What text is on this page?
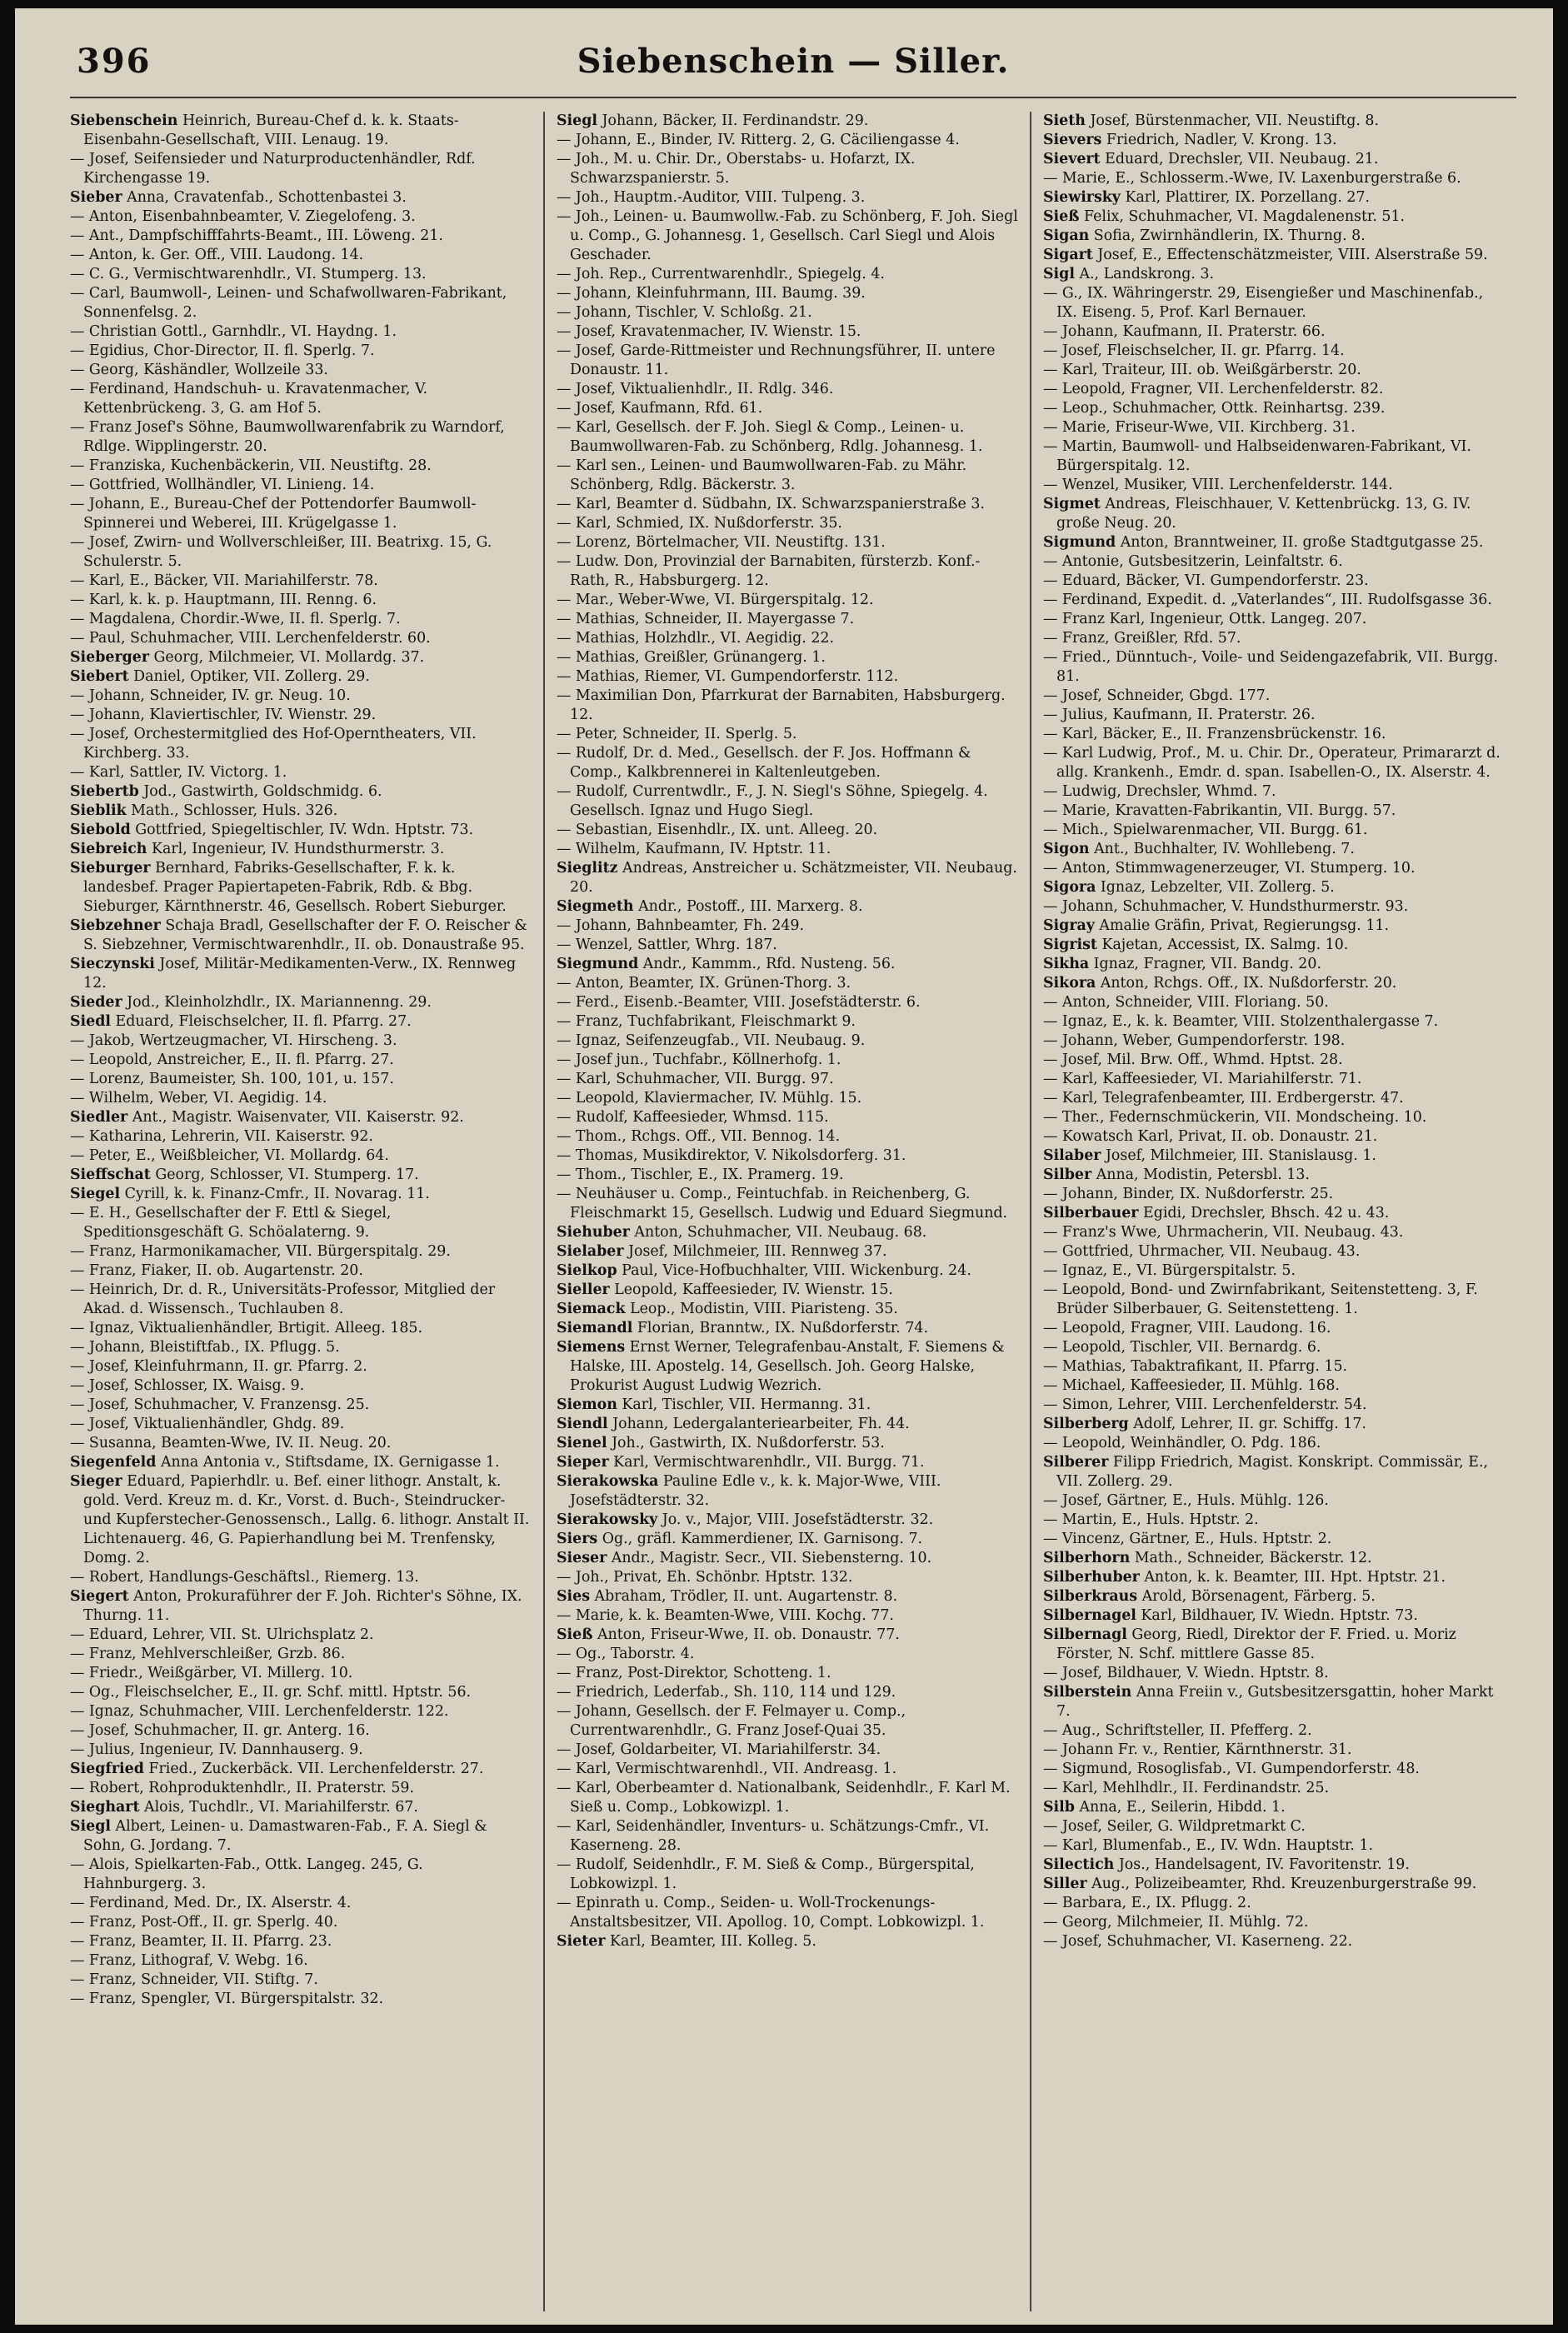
396	Siebenschein — Siller.

Siebenschein Heinrich, Bureau-Chef d. k. k. Staats-Eisenbahn-Gesellschaft, VIII. Lenaug. 19.

— Josef, Seifensieder und Naturproductenhändler, Rdf. Kirchengasse 19.

Sieber Anna, Cravatenfab., Schottenbastei 3.

— Anton, Eisenbahnbeamter, V. Ziegelofeng. 3.

— Ant., Dampfschifffahrts-Beamt., III. Löweng. 21.

— Anton, k. Ger. Off., VIII. Laudong. 14.

— C. G., Vermischtwarenhdlr., VI. Stumperg. 13.

— Carl, Baumwoll-, Leinen- und Schafwollwaren-Fabrikant, Sonnenfelsg. 2.

— Christian Gottl., Garnhdlr., VI. Haydng. 1.

— Egidius, Chor-Director, II. fl. Sperlg. 7.

— Georg, Käshändler, Wollzeile 33.

— Ferdinand, Handschuh- u. Kravatenmacher, V. Kettenbrückeng. 3, G. am Hof 5.

— Franz Josef's Söhne, Baumwollwarenfabrik zu Warndorf, Rdlge. Wipplingerstr. 20.

— Franziska, Kuchenbäckerin, VII. Neustiftg. 28.

— Gottfried, Wollhändler, VI. Linieng. 14.

— Johann, E., Bureau-Chef der Pottendorfer Baumwoll-Spinnerei und Weberei, III. Krügelgasse 1.

— Josef, Zwirn- und Wollverschleißer, III. Beatrixg. 15, G. Schulerstr. 5.

— Karl, E., Bäcker, VII. Mariahilferstr. 78.

— Karl, k. k. p. Hauptmann, III. Renng. 6.

— Magdalena, Chordir.-Wwe, II. fl. Sperlg. 7.

— Paul, Schuhmacher, VIII. Lerchenfelderstr. 60.

Sieberger Georg, Milchmeier, VI. Mollardg. 37.

Siebert Daniel, Optiker, VII. Zollerg. 29.

— Johann, Schneider, IV. gr. Neug. 10.

— Johann, Klaviertischler, IV. Wienstr. 29.

— Josef, Orchestermitglied des Hof-Operntheaters, VII. Kirchberg. 33.

— Karl, Sattler, IV. Victorg. 1.

Siebertb Jod., Gastwirth, Goldschmidg. 6.

Sieblik Math., Schlosser, Huls. 326.

Siebold Gottfried, Spiegeltischler, IV. Wdn. Hptstr. 73.

Siebreich Karl, Ingenieur, IV. Hundsthurmerstr. 3.

Sieburger Bernhard, Fabriks-Gesellschafter, F. k. k. landesbef. Prager Papiertapeten-Fabrik, Rdb. & Bbg. Sieburger, Kärnthnerstr. 46, Gesellsch. Robert Sieburger.

Siebzehner Schaja Bradl, Gesellschafter der F. O. Reischer & S. Siebzehner, Vermischtwarenhdlr., II. ob. Donaustraße 95.

Sieczynski Josef, Militär-Medikamenten-Verw., IX. Rennweg 12.

Sieder Jod., Kleinholzhdlr., IX. Mariannenng. 29.

Siedl Eduard, Fleischselcher, II. fl. Pfarrg. 27.

— Jakob, Wertzeugmacher, VI. Hirscheng. 3.

— Leopold, Anstreicher, E., II. fl. Pfarrg. 27.

— Lorenz, Baumeister, Sh. 100, 101, u. 157.

— Wilhelm, Weber, VI. Aegidig. 14.

Siedler Ant., Magistr. Waisenvater, VII. Kaiserstr. 92.

— Katharina, Lehrerin, VII. Kaiserstr. 92.

— Peter, E., Weißbleicher, VI. Mollardg. 64.

Sieffschat Georg, Schlosser, VI. Stumperg. 17.

Siegel Cyrill, k. k. Finanz-Cmfr., II. Novarag. 11.

— E. H., Gesellschafter der F. Ettl & Siegel, Speditionsgeschäft G. Schöalaterng. 9.

— Franz, Harmonikamacher, VII. Bürgerspitalg. 29.

— Franz, Fiaker, II. ob. Augartenstr. 20.

— Heinrich, Dr. d. R., Universitäts-Professor, Mitglied der Akad. d. Wissensch., Tuchlauben 8.

— Ignaz, Viktualienhändler, Brtigit. Alleeg. 185.

— Johann, Bleistiftfab., IX. Pflugg. 5.

— Josef, Kleinfuhrmann, II. gr. Pfarrg. 2.

— Josef, Schlosser, IX. Waisg. 9.

— Josef, Schuhmacher, V. Franzensg. 25.

— Josef, Viktualienhändler, Ghdg. 89.

— Susanna, Beamten-Wwe, IV. II. Neug. 20.

Siegenfeld Anna Antonia v., Stiftsdame, IX. Gernigasse 1.

Sieger Eduard, Papierhdlr. u. Bef. einer lithogr. Anstalt, k. gold. Verd. Kreuz m. d. Kr., Vorst. d. Buch-, Steindrucker- und Kupferstecher-Genossensch., Lallg. 6. lithogr. Anstalt II. Lichtenauerg. 46, G. Papierhandlung bei M. Trenfensky, Domg. 2.

— Robert, Handlungs-Geschäftsl., Riemerg. 13.

Siegert Anton, Prokuraführer der F. Joh. Richter's Söhne, IX. Thurng. 11.

— Eduard, Lehrer, VII. St. Ulrichsplatz 2.

— Franz, Mehlverschleißer, Grzb. 86.

— Friedr., Weißgärber, VI. Millerg. 10.

— Og., Fleischselcher, E., II. gr. Schf. mittl. Hptstr. 56.

— Ignaz, Schuhmacher, VIII. Lerchenfelderstr. 122.

— Josef, Schuhmacher, II. gr. Anterg. 16.

— Julius, Ingenieur, IV. Dannhauserg. 9.

Siegfried Fried., Zuckerbäck. VII. Lerchenfelderstr. 27.

— Robert, Rohproduktenhdlr., II. Praterstr. 59.

Sieghart Alois, Tuchdlr., VI. Mariahilferstr. 67.

Siegl Albert, Leinen- u. Damastwaren-Fab., F. A. Siegl & Sohn, G. Jordang. 7.

— Alois, Spielkarten-Fab., Ottk. Langeg. 245, G. Hahnburgerg. 3.

— Ferdinand, Med. Dr., IX. Alserstr. 4.

— Franz, Post-Off., II. gr. Sperlg. 40.

— Franz, Beamter, II. II. Pfarrg. 23.

— Franz, Lithograf, V. Webg. 16.

— Franz, Schneider, VII. Stiftg. 7.

— Franz, Spengler, VI. Bürgerspitalstr. 32.

Siegl Johann, Bäcker, II. Ferdinandstr. 29.

— Johann, E., Binder, IV. Ritterg. 2, G. Cäciliengasse 4.

— Joh., M. u. Chir. Dr., Oberstabs- u. Hofarzt, IX. Schwarzspanierstr. 5.

— Joh., Hauptm.-Auditor, VIII. Tulpeng. 3.

— Joh., Leinen- u. Baumwollw.-Fab. zu Schönberg, F. Joh. Siegl u. Comp., G. Johannesg. 1, Gesellsch. Carl Siegl und Alois Geschader.

— Joh. Rep., Currentwarenhdlr., Spiegelg. 4.

— Johann, Kleinfuhrmann, III. Baumg. 39.

— Johann, Tischler, V. Schloßg. 21.

— Josef, Kravatenmacher, IV. Wienstr. 15.

— Josef, Garde-Rittmeister und Rechnungsführer, II. untere Donaustr. 11.

— Josef, Viktualienhdlr., II. Rdlg. 346.

— Josef, Kaufmann, Rfd. 61.

— Karl, Gesellsch. der F. Joh. Siegl & Comp., Leinen- u. Baumwollwaren-Fab. zu Schönberg, Rdlg. Johannesg. 1.

— Karl sen., Leinen- und Baumwollwaren-Fab. zu Mähr. Schönberg, Rdlg. Bäckerstr. 3.

— Karl, Beamter d. Südbahn, IX. Schwarzspanierstraße 3.

— Karl, Schmied, IX. Nußdorferstr. 35.

— Lorenz, Börtelmacher, VII. Neustiftg. 131.

— Ludw. Don, Provinzial der Barnabiten, fürsterzb. Konf.-Rath, R., Habsburgerg. 12.

— Mar., Weber-Wwe, VI. Bürgerspitalg. 12.

— Mathias, Schneider, II. Mayergasse 7.

— Mathias, Holzhdlr., VI. Aegidig. 22.

— Mathias, Greißler, Grünangerg. 1.

— Mathias, Riemer, VI. Gumpendorferstr. 112.

— Maximilian Don, Pfarrkurat der Barnabiten, Habsburgerg. 12.

— Peter, Schneider, II. Sperlg. 5.

— Rudolf, Dr. d. Med., Gesellsch. der F. Jos. Hoffmann & Comp., Kalkbrennerei in Kaltenleutgeben.

— Rudolf, Currentwdlr., F., J. N. Siegl's Söhne, Spiegelg. 4. Gesellsch. Ignaz und Hugo Siegl.

— Sebastian, Eisenhdlr., IX. unt. Alleeg. 20.

— Wilhelm, Kaufmann, IV. Hptstr. 11.

Sieglitz Andreas, Anstreicher u. Schätzmeister, VII. Neubaug. 20.

Siegmeth Andr., Postoff., III. Marxerg. 8.

— Johann, Bahnbeamter, Fh. 249.

— Wenzel, Sattler, Whrg. 187.

Siegmund Andr., Kammm., Rfd. Nusteng. 56.

— Anton, Beamter, IX. Grünen-Thorg. 3.

— Ferd., Eisenb.-Beamter, VIII. Josefstädterstr. 6.

— Franz, Tuchfabrikant, Fleischmarkt 9.

— Ignaz, Seifenzeugfab., VII. Neubaug. 9.

— Josef jun., Tuchfabr., Köllnerhofg. 1.

— Karl, Schuhmacher, VII. Burgg. 97.

— Leopold, Klaviermacher, IV. Mühlg. 15.

— Rudolf, Kaffeesieder, Whmsd. 115.

— Thom., Rchgs. Off., VII. Bennog. 14.

— Thomas, Musikdirektor, V. Nikolsdorferg. 31.

— Thom., Tischler, E., IX. Pramerg. 19.

— Neuhäuser u. Comp., Feintuchfab. in Reichenberg, G. Fleischmarkt 15, Gesellsch. Ludwig und Eduard Siegmund.

Siehuber Anton, Schuhmacher, VII. Neubaug. 68.

Sielaber Josef, Milchmeier, III. Rennweg 37.

Sielkop Paul, Vice-Hofbuchhalter, VIII. Wickenburg. 24.

Sieller Leopold, Kaffeesieder, IV. Wienstr. 15.

Siemack Leop., Modistin, VIII. Piaristeng. 35.

Siemandl Florian, Branntw., IX. Nußdorferstr. 74.

Siemens Ernst Werner, Telegrafenbau-Anstalt, F. Siemens & Halske, III. Apostelg. 14, Gesellsch. Joh. Georg Halske, Prokurist August Ludwig Wezrich.

Siemon Karl, Tischler, VII. Hermanng. 31.

Siendl Johann, Ledergalanteriearbeiter, Fh. 44.

Sienel Joh., Gastwirth, IX. Nußdorferstr. 53.

Sieper Karl, Vermischtwarenhdlr., VII. Burgg. 71.

Sierakowska Pauline Edle v., k. k. Major-Wwe, VIII. Josefstädterstr. 32.

Sierakowsky Jo. v., Major, VIII. Josefstädterstr. 32.

Siers Og., gräfl. Kammerdiener, IX. Garnisong. 7.

Sieser Andr., Magistr. Secr., VII. Siebensterng. 10.

— Joh., Privat, Eh. Schönbr. Hptstr. 132.

Sies Abraham, Trödler, II. unt. Augartenstr. 8.

— Marie, k. k. Beamten-Wwe, VIII. Kochg. 77.

Sieß Anton, Friseur-Wwe, II. ob. Donaustr. 77.

— Og., Taborstr. 4.

— Franz, Post-Direktor, Schotteng. 1.

— Friedrich, Lederfab., Sh. 110, 114 und 129.

— Johann, Gesellsch. der F. Felmayer u. Comp., Currentwarenhdlr., G. Franz Josef-Quai 35.

— Josef, Goldarbeiter, VI. Mariahilferstr. 34.

— Karl, Vermischtwarenhdl., VII. Andreasg. 1.

— Karl, Oberbeamter d. Nationalbank, Seidenhdlr., F. Karl M. Sieß u. Comp., Lobkowizpl. 1.

— Karl, Seidenhändler, Inventurs- u. Schätzungs-Cmfr., VI. Kaserneng. 28.

— Rudolf, Seidenhdlr., F. M. Sieß & Comp., Bürgerspital, Lobkowizpl. 1.

— Epinrath u. Comp., Seiden- u. Woll-Trockenungs-Anstaltsbesitzer, VII. Apollog. 10, Compt. Lobkowizpl. 1.

Sieter Karl, Beamter, III. Kolleg. 5.

Sieth Josef, Bürstenmacher, VII. Neustiftg. 8.

Sievers Friedrich, Nadler, V. Krong. 13.

Sievert Eduard, Drechsler, VII. Neubaug. 21.

— Marie, E., Schlosserm.-Wwe, IV. Laxenburgerstraße 6.

Siewirsky Karl, Plattirer, IX. Porzellang. 27.

Sieß Felix, Schuhmacher, VI. Magdalenenstr. 51.

Sigan Sofia, Zwirnhändlerin, IX. Thurng. 8.

Sigart Josef, E., Effectenschätzmeister, VIII. Alserstraße 59.

Sigl A., Landskrong. 3.

— G., IX. Währingerstr. 29, Eisengießer und Maschinenfab., IX. Eiseng. 5, Prof. Karl Bernauer.

— Johann, Kaufmann, II. Praterstr. 66.

— Josef, Fleischselcher, II. gr. Pfarrg. 14.

— Karl, Traiteur, III. ob. Weißgärberstr. 20.

— Leopold, Fragner, VII. Lerchenfelderstr. 82.

— Leop., Schuhmacher, Ottk. Reinhartsg. 239.

— Marie, Friseur-Wwe, VII. Kirchberg. 31.

— Martin, Baumwoll- und Halbseidenwaren-Fabrikant, VI. Bürgerspitalg. 12.

— Wenzel, Musiker, VIII. Lerchenfelderstr. 144.

Sigmet Andreas, Fleischhauer, V. Kettenbrückg. 13, G. IV. große Neug. 20.

Sigmund Anton, Branntweiner, II. große Stadtgutgasse 25.

— Antonie, Gutsbesitzerin, Leinfaltstr. 6.

— Eduard, Bäcker, VI. Gumpendorferstr. 23.

— Ferdinand, Expedit. d. „Vaterlandes“, III. Rudolfsgasse 36.

— Franz Karl, Ingenieur, Ottk. Langeg. 207.

— Franz, Greißler, Rfd. 57.

— Fried., Dünntuch-, Voile- und Seidengazefabrik, VII. Burgg. 81.

— Josef, Schneider, Gbgd. 177.

— Julius, Kaufmann, II. Praterstr. 26.

— Karl, Bäcker, E., II. Franzensbrückenstr. 16.

— Karl Ludwig, Prof., M. u. Chir. Dr., Operateur, Primararzt d. allg. Krankenh., Emdr. d. span. Isabellen-O., IX. Alserstr. 4.

— Ludwig, Drechsler, Whmd. 7.

— Marie, Kravatten-Fabrikantin, VII. Burgg. 57.

— Mich., Spielwarenmacher, VII. Burgg. 61.

Sigon Ant., Buchhalter, IV. Wohllebeng. 7.

— Anton, Stimmwagenerzeuger, VI. Stumperg. 10.

Sigora Ignaz, Lebzelter, VII. Zollerg. 5.

— Johann, Schuhmacher, V. Hundsthurmerstr. 93.

Sigray Amalie Gräfin, Privat, Regierungsg. 11.

Sigrist Kajetan, Accessist, IX. Salmg. 10.

Sikha Ignaz, Fragner, VII. Bandg. 20.

Sikora Anton, Rchgs. Off., IX. Nußdorferstr. 20.

— Anton, Schneider, VIII. Floriang. 50.

— Ignaz, E., k. k. Beamter, VIII. Stolzenthalergasse 7.

— Johann, Weber, Gumpendorferstr. 198.

— Josef, Mil. Brw. Off., Whmd. Hptst. 28.

— Karl, Kaffeesieder, VI. Mariahilferstr. 71.

— Karl, Telegrafenbeamter, III. Erdbergerstr. 47.

— Ther., Federnschmückerin, VII. Mondscheing. 10.

— Kowatsch Karl, Privat, II. ob. Donaustr. 21.

Silaber Josef, Milchmeier, III. Stanislausg. 1.

Silber Anna, Modistin, Petersbl. 13.

— Johann, Binder, IX. Nußdorferstr. 25.

Silberbauer Egidi, Drechsler, Bhsch. 42 u. 43.

— Franz's Wwe, Uhrmacherin, VII. Neubaug. 43.

— Gottfried, Uhrmacher, VII. Neubaug. 43.

— Ignaz, E., VI. Bürgerspitalstr. 5.

— Leopold, Bond- und Zwirnfabrikant, Seitenstetteng. 3, F. Brüder Silberbauer, G. Seitenstetteng. 1.

— Leopold, Fragner, VIII. Laudong. 16.

— Leopold, Tischler, VII. Bernardg. 6.

— Mathias, Tabaktrafikant, II. Pfarrg. 15.

— Michael, Kaffeesieder, II. Mühlg. 168.

— Simon, Lehrer, VIII. Lerchenfelderstr. 54.

Silberberg Adolf, Lehrer, II. gr. Schiffg. 17.

— Leopold, Weinhändler, O. Pdg. 186.

Silberer Filipp Friedrich, Magist. Konskript. Commissär, E., VII. Zollerg. 29.

— Josef, Gärtner, E., Huls. Mühlg. 126.

— Martin, E., Huls. Hptstr. 2.

— Vincenz, Gärtner, E., Huls. Hptstr. 2.

Silberhorn Math., Schneider, Bäckerstr. 12.

Silberhuber Anton, k. k. Beamter, III. Hpt. Hptstr. 21.

Silberkraus Arold, Börsenagent, Färberg. 5.

Silbernagel Karl, Bildhauer, IV. Wiedn. Hptstr. 73.

Silbernagl Georg, Riedl, Direktor der F. Fried. u. Moriz Förster, N. Schf. mittlere Gasse 85.

— Josef, Bildhauer, V. Wiedn. Hptstr. 8.

Silberstein Anna Freiin v., Gutsbesitzersgattin, hoher Markt 7.

— Aug., Schriftsteller, II. Pfefferg. 2.

— Johann Fr. v., Rentier, Kärnthnerstr. 31.

— Sigmund, Rosoglisfab., VI. Gumpendorferstr. 48.

— Karl, Mehlhdlr., II. Ferdinandstr. 25.

Silb Anna, E., Seilerin, Hibdd. 1.

— Josef, Seiler, G. Wildpretmarkt C.

— Karl, Blumenfab., E., IV. Wdn. Hauptstr. 1.

Silectich Jos., Handelsagent, IV. Favoritenstr. 19.

Siller Aug., Polizeibeamter, Rhd. Kreuzenburgerstraße 99.

— Barbara, E., IX. Pflugg. 2.

— Georg, Milchmeier, II. Mühlg. 72.

— Josef, Schuhmacher, VI. Kaserneng. 22.
